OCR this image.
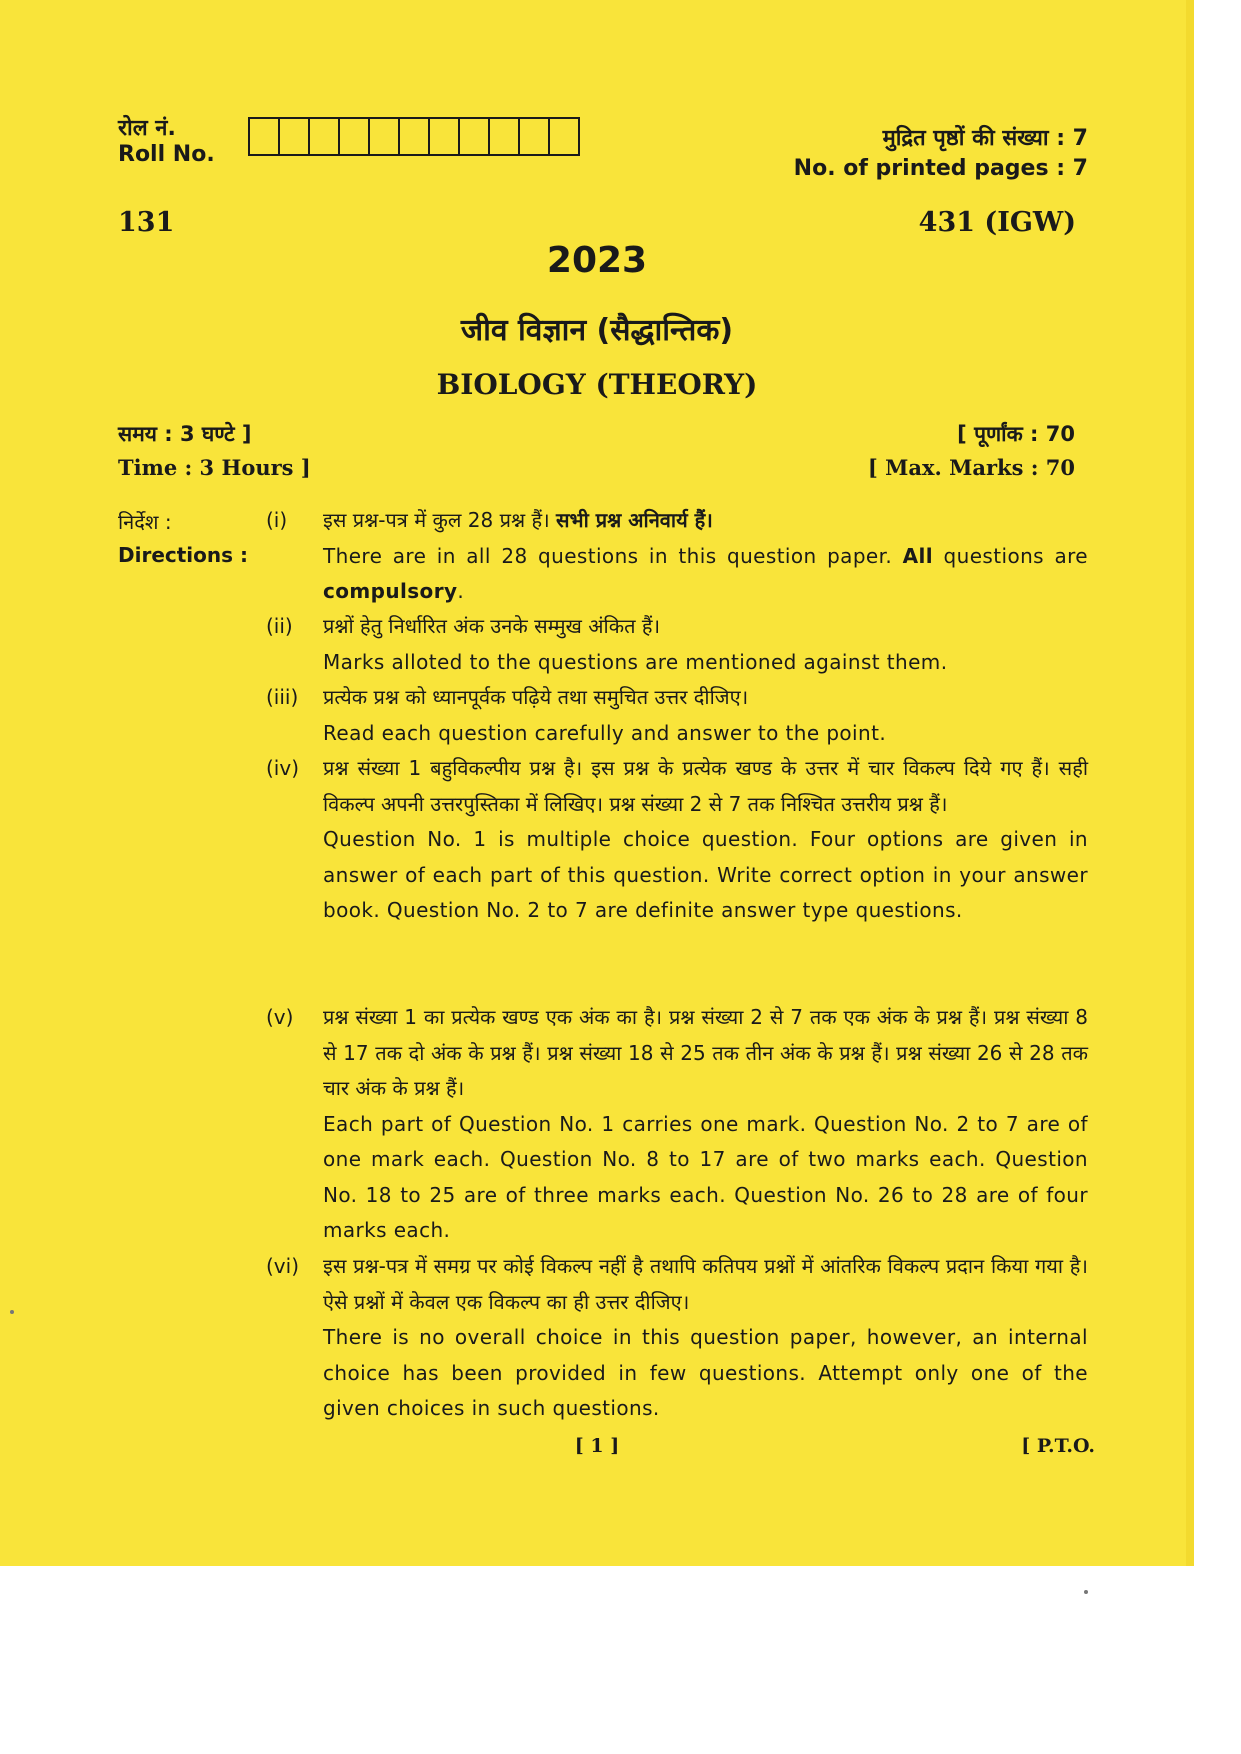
रोल नं.
Roll No.
मुद्रित पृष्ठों की संख्या : 7
No. of printed pages : 7
131	431 (IGW)
2023
जीव विज्ञान (सैद्धान्तिक)
BIOLOGY (THEORY)
समय : 3 घण्टे ]
Time : 3 Hours ]
[ पूर्णांक : 70
[ Max. Marks : 70
निर्देश :
Directions :
(i) इस प्रश्न-पत्र में कुल 28 प्रश्न हैं। सभी प्रश्न अनिवार्य हैं।
There are in all 28 questions in this question paper. All questions are compulsory.
(ii) प्रश्नों हेतु निर्धारित अंक उनके सम्मुख अंकित हैं।
Marks alloted to the questions are mentioned against them.
(iii) प्रत्येक प्रश्न को ध्यानपूर्वक पढ़िये तथा समुचित उत्तर दीजिए।
Read each question carefully and answer to the point.
(iv) प्रश्न संख्या 1 बहुविकल्पीय प्रश्न है। इस प्रश्न के प्रत्येक खण्ड के उत्तर में चार विकल्प दिये गए हैं। सही विकल्प अपनी उत्तरपुस्तिका में लिखिए। प्रश्न संख्या 2 से 7 तक निश्चित उत्तरीय प्रश्न हैं।
Question No. 1 is multiple choice question. Four options are given in answer of each part of this question. Write correct option in your answer book. Question No. 2 to 7 are definite answer type questions.
(v) प्रश्न संख्या 1 का प्रत्येक खण्ड एक अंक का है। प्रश्न संख्या 2 से 7 तक एक अंक के प्रश्न हैं। प्रश्न संख्या 8 से 17 तक दो अंक के प्रश्न हैं। प्रश्न संख्या 18 से 25 तक तीन अंक के प्रश्न हैं। प्रश्न संख्या 26 से 28 तक चार अंक के प्रश्न हैं।
Each part of Question No. 1 carries one mark. Question No. 2 to 7 are of one mark each. Question No. 8 to 17 are of two marks each. Question No. 18 to 25 are of three marks each. Question No. 26 to 28 are of four marks each.
(vi) इस प्रश्न-पत्र में समग्र पर कोई विकल्प नहीं है तथापि कतिपय प्रश्नों में आंतरिक विकल्प प्रदान किया गया है। ऐसे प्रश्नों में केवल एक विकल्प का ही उत्तर दीजिए।
There is no overall choice in this question paper, however, an internal choice has been provided in few questions. Attempt only one of the given choices in such questions.
[ 1 ]	[ P.T.O.
